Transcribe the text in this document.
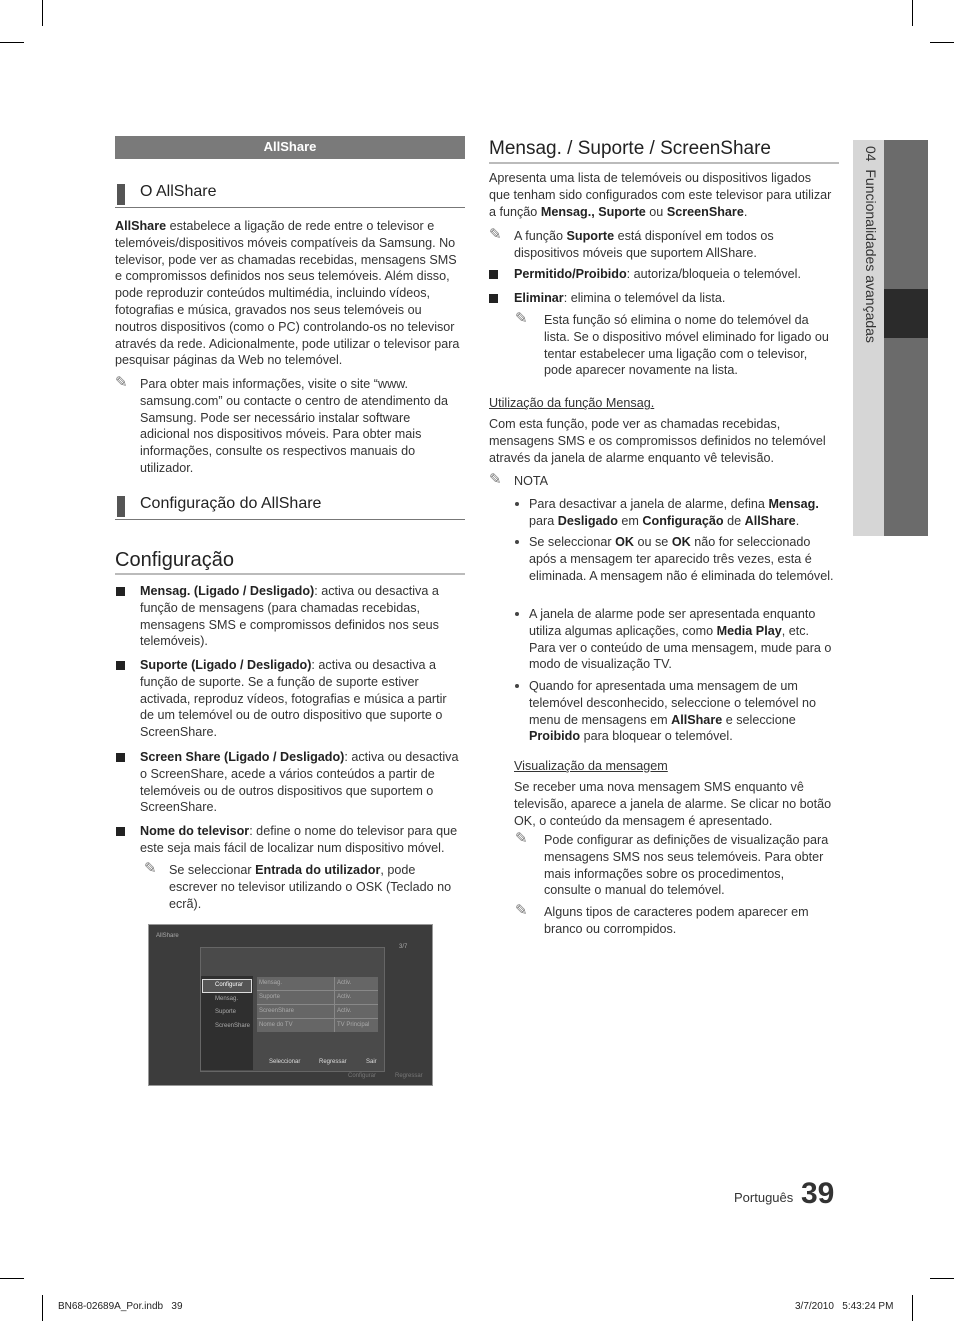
AllShare
O AllShare

AllShare estabelece a ligação de rede entre o televisor e telemóveis/dispositivos móveis compatíveis da Samsung. No televisor, pode ver as chamadas recebidas, mensagens SMS e compromissos definidos nos seus telemóveis. Além disso, pode reproduzir conteúdos multimédia, incluindo vídeos, fotografias e música, gravados nos seus telemóveis ou noutros dispositivos (como o PC) controlando-os no televisor através da rede. Adicionalmente, pode utilizar o televisor para pesquisar páginas da Web no telemóvel.

✎ Para obter mais informações, visite o site “www. samsung.com” ou contacte o centro de atendimento da Samsung. Pode ser necessário instalar software adicional nos dispositivos móveis. Para obter mais informações, consulte os respectivos manuais do utilizador.

Configuração do AllShare
Configuração

Mensag. (Ligado / Desligado): activa ou desactiva a função de mensagens (para chamadas recebidas, mensagens SMS e compromissos definidos nos seus telemóveis).

Suporte (Ligado / Desligado): activa ou desactiva a função de suporte. Se a função de suporte estiver activada, reproduz vídeos, fotografias e música a partir de um telemóvel ou de outro dispositivo que suporte o ScreenShare.

Screen Share (Ligado / Desligado): activa ou desactiva o ScreenShare, acede a vários conteúdos a partir de telemóveis ou de outros dispositivos que suportem o ScreenShare.

Nome do televisor: define o nome do televisor para que este seja mais fácil de localizar num dispositivo móvel.

✎ Se seleccionar Entrada do utilizador, pode escrever no televisor utilizando o OSK (Teclado no ecrã).

AllShare
3/7
Configurar
Mensag.
Suporte
ScreenShare
Mensag.	Activ.
Suporte	Activ.
ScreenShare	Activ.
Nome do TV	TV Principal
Seleccionar	Regressar	Sair
Configurar	Regressar
Mensag. / Suporte / ScreenShare

Apresenta uma lista de telemóveis ou dispositivos ligados que tenham sido configurados com este televisor para utilizar a função Mensag., Suporte ou ScreenShare.

✎ A função Suporte está disponível em todos os dispositivos móveis que suportem AllShare.

Permitido/Proibido: autoriza/bloqueia o telemóvel.

Eliminar: elimina o telemóvel da lista.

✎ Esta função só elimina o nome do telemóvel da lista. Se o dispositivo móvel eliminado for ligado ou tentar estabelecer uma ligação com o televisor, pode aparecer novamente na lista.

Utilização da função Mensag.

Com esta função, pode ver as chamadas recebidas, mensagens SMS e os compromissos definidos no telemóvel através da janela de alarme enquanto vê televisão.

✎ NOTA

Para desactivar a janela de alarme, defina Mensag. para Desligado em Configuração de AllShare.

Se seleccionar OK ou se OK não for seleccionado após a mensagem ter aparecido três vezes, esta é eliminada. A mensagem não é eliminada do telemóvel.

A janela de alarme pode ser apresentada enquanto utiliza algumas aplicações, como Media Play, etc. Para ver o conteúdo de uma mensagem, mude para o modo de visualização TV.

Quando for apresentada uma mensagem de um telemóvel desconhecido, seleccione o telemóvel no menu de mensagens em AllShare e seleccione Proibido para bloquear o telemóvel.

Visualização da mensagem

Se receber uma nova mensagem SMS enquanto vê televisão, aparece a janela de alarme. Se clicar no botão OK, o conteúdo da mensagem é apresentado.

✎ Pode configurar as definições de visualização para mensagens SMS nos seus telemóveis. Para obter mais informações sobre os procedimentos, consulte o manual do telemóvel.

✎ Alguns tipos de caracteres podem aparecer em branco ou corrompidos.

04  Funcionalidades avançadas
Português 39
BN68-02689A_Por.indb   39	3/7/2010   5:43:24 PM
